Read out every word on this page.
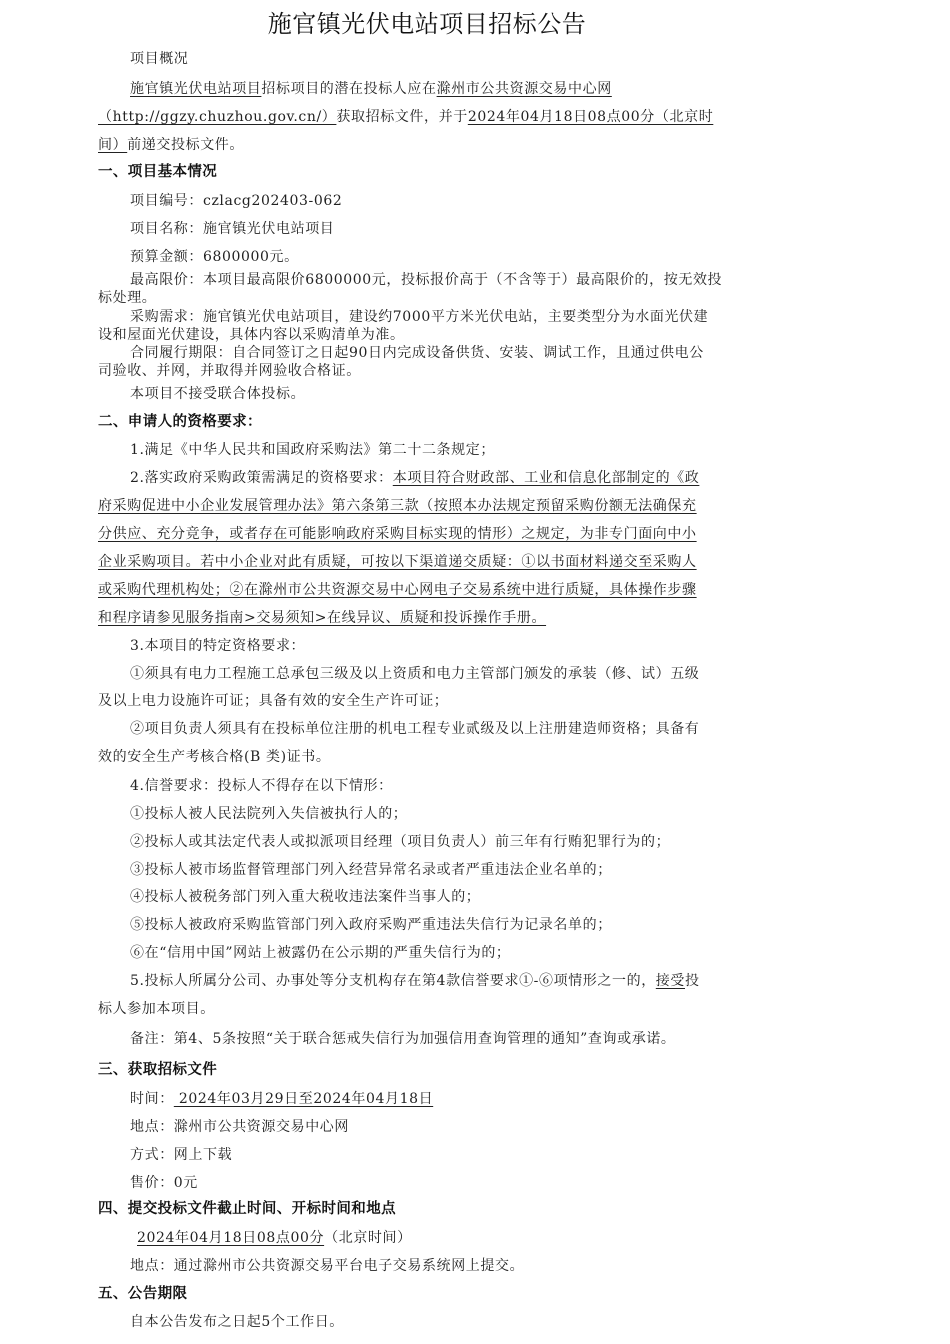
施官镇光伏电站项目招标公告
项目概况
施官镇光伏电站项目招标项目的潜在投标人应在滁州市公共资源交易中心网
（http://ggzy.chuzhou.gov.cn/）获取招标文件，并于2024年04月18日08点00分（北京时
间）前递交投标文件。
一、项目基本情况
项目编号：czlacg202403-062
项目名称：施官镇光伏电站项目
预算金额：6800000元。
最高限价：本项目最高限价6800000元，投标报价高于（不含等于）最高限价的，按无效投
标处理。
采购需求：施官镇光伏电站项目，建设约7000平方米光伏电站，主要类型分为水面光伏建
设和屋面光伏建设，具体内容以采购清单为准。
合同履行期限：自合同签订之日起90日内完成设备供货、安装、调试工作，且通过供电公
司验收、并网，并取得并网验收合格证。
本项目不接受联合体投标。
二、申请人的资格要求：
1.满足《中华人民共和国政府采购法》第二十二条规定；
2.落实政府采购政策需满足的资格要求：本项目符合财政部、工业和信息化部制定的《政
府采购促进中小企业发展管理办法》第六条第三款（按照本办法规定预留采购份额无法确保充
分供应、充分竞争，或者存在可能影响政府采购目标实现的情形）之规定，为非专门面向中小
企业采购项目。若中小企业对此有质疑，可按以下渠道递交质疑：①以书面材料递交至采购人
或采购代理机构处；②在滁州市公共资源交易中心网电子交易系统中进行质疑，具体操作步骤
和程序请参见服务指南>交易须知>在线异议、质疑和投诉操作手册。
3.本项目的特定资格要求：
①须具有电力工程施工总承包三级及以上资质和电力主管部门颁发的承装（修、试）五级
及以上电力设施许可证；具备有效的安全生产许可证；
②项目负责人须具有在投标单位注册的机电工程专业贰级及以上注册建造师资格；具备有
效的安全生产考核合格(B 类)证书。
4.信誉要求：投标人不得存在以下情形：
①投标人被人民法院列入失信被执行人的；
②投标人或其法定代表人或拟派项目经理（项目负责人）前三年有行贿犯罪行为的；
③投标人被市场监督管理部门列入经营异常名录或者严重违法企业名单的；
④投标人被税务部门列入重大税收违法案件当事人的；
⑤投标人被政府采购监管部门列入政府采购严重违法失信行为记录名单的；
⑥在“信用中国”网站上被露仍在公示期的严重失信行为的；
5.投标人所属分公司、办事处等分支机构存在第4款信誉要求①-⑥项情形之一的，接受投
标人参加本项目。
备注：第4、5条按照“关于联合惩戒失信行为加强信用查询管理的通知”查询或承诺。
三、获取招标文件
时间： 2024年03月29日至2024年04月18日
地点：滁州市公共资源交易中心网
方式：网上下载
售价：0元
四、提交投标文件截止时间、开标时间和地点
2024年04月18日08点00分（北京时间）
地点：通过滁州市公共资源交易平台电子交易系统网上提交。
五、公告期限
自本公告发布之日起5个工作日。
